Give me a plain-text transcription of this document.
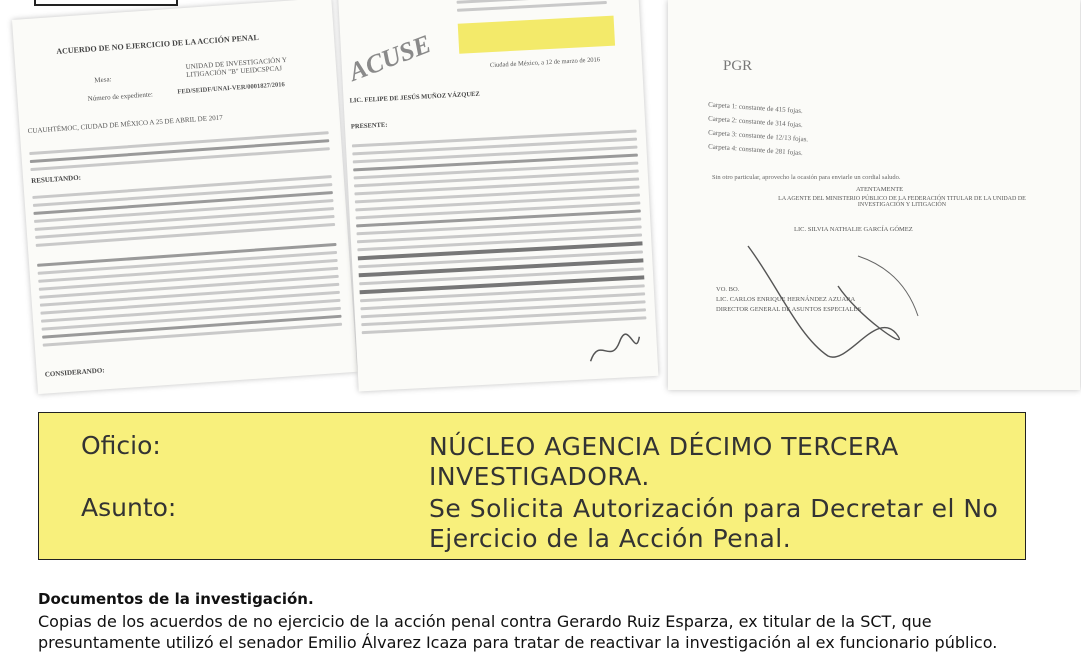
ACUERDO DE NO EJERCICIO DE LA ACCIÓN PENAL
Mesa:
UNIDAD DE INVESTIGACIÓN Y LITIGACIÓN "B" UEIDCSPCAJ
Número de expediente:
FED/SEIDF/UNAI-VER/0001827/2016
CUAUHTÉMOC, CIUDAD DE MÉXICO A 25 DE ABRIL DE 2017
RESULTANDO:
CONSIDERANDO:
ACUSE	Ciudad de México, a 12 de marzo de 2016
LIC. FELIPE DE JESÚS MUÑOZ VÁZQUEZ
PRESENTE:
PGR
Carpeta 1: constante de 415 fojas.
Carpeta 2: constante de 314 fojas.
Carpeta 3: constante de 12/13 fojas.
Carpeta 4: constante de 281 fojas.
Sin otro particular, aprovecho la ocasión para enviarle un cordial saludo.
ATENTAMENTE
LA AGENTE DEL MINISTERIO PÚBLICO DE LA FEDERACIÓN TITULAR DE LA UNIDAD DE INVESTIGACIÓN Y LITIGACIÓN
LIC. SILVIA NATHALIE GARCÍA GÓMEZ
VO. BO.
LIC. CARLOS ENRIQUE HERNÁNDEZ AZUARA
DIRECTOR GENERAL DE ASUNTOS ESPECIALES
Oficio:	NÚCLEO AGENCIA DÉCIMO TERCERA
INVESTIGADORA.
Asunto:	Se Solicita Autorización para Decretar el No
Ejercicio de la Acción Penal.
Documentos de la investigación.
Copias de los acuerdos de no ejercicio de la acción penal contra Gerardo Ruiz Esparza, ex titular de la SCT, que presuntamente utilizó el senador Emilio Álvarez Icaza para tratar de reactivar la investigación al ex funcionario público.
